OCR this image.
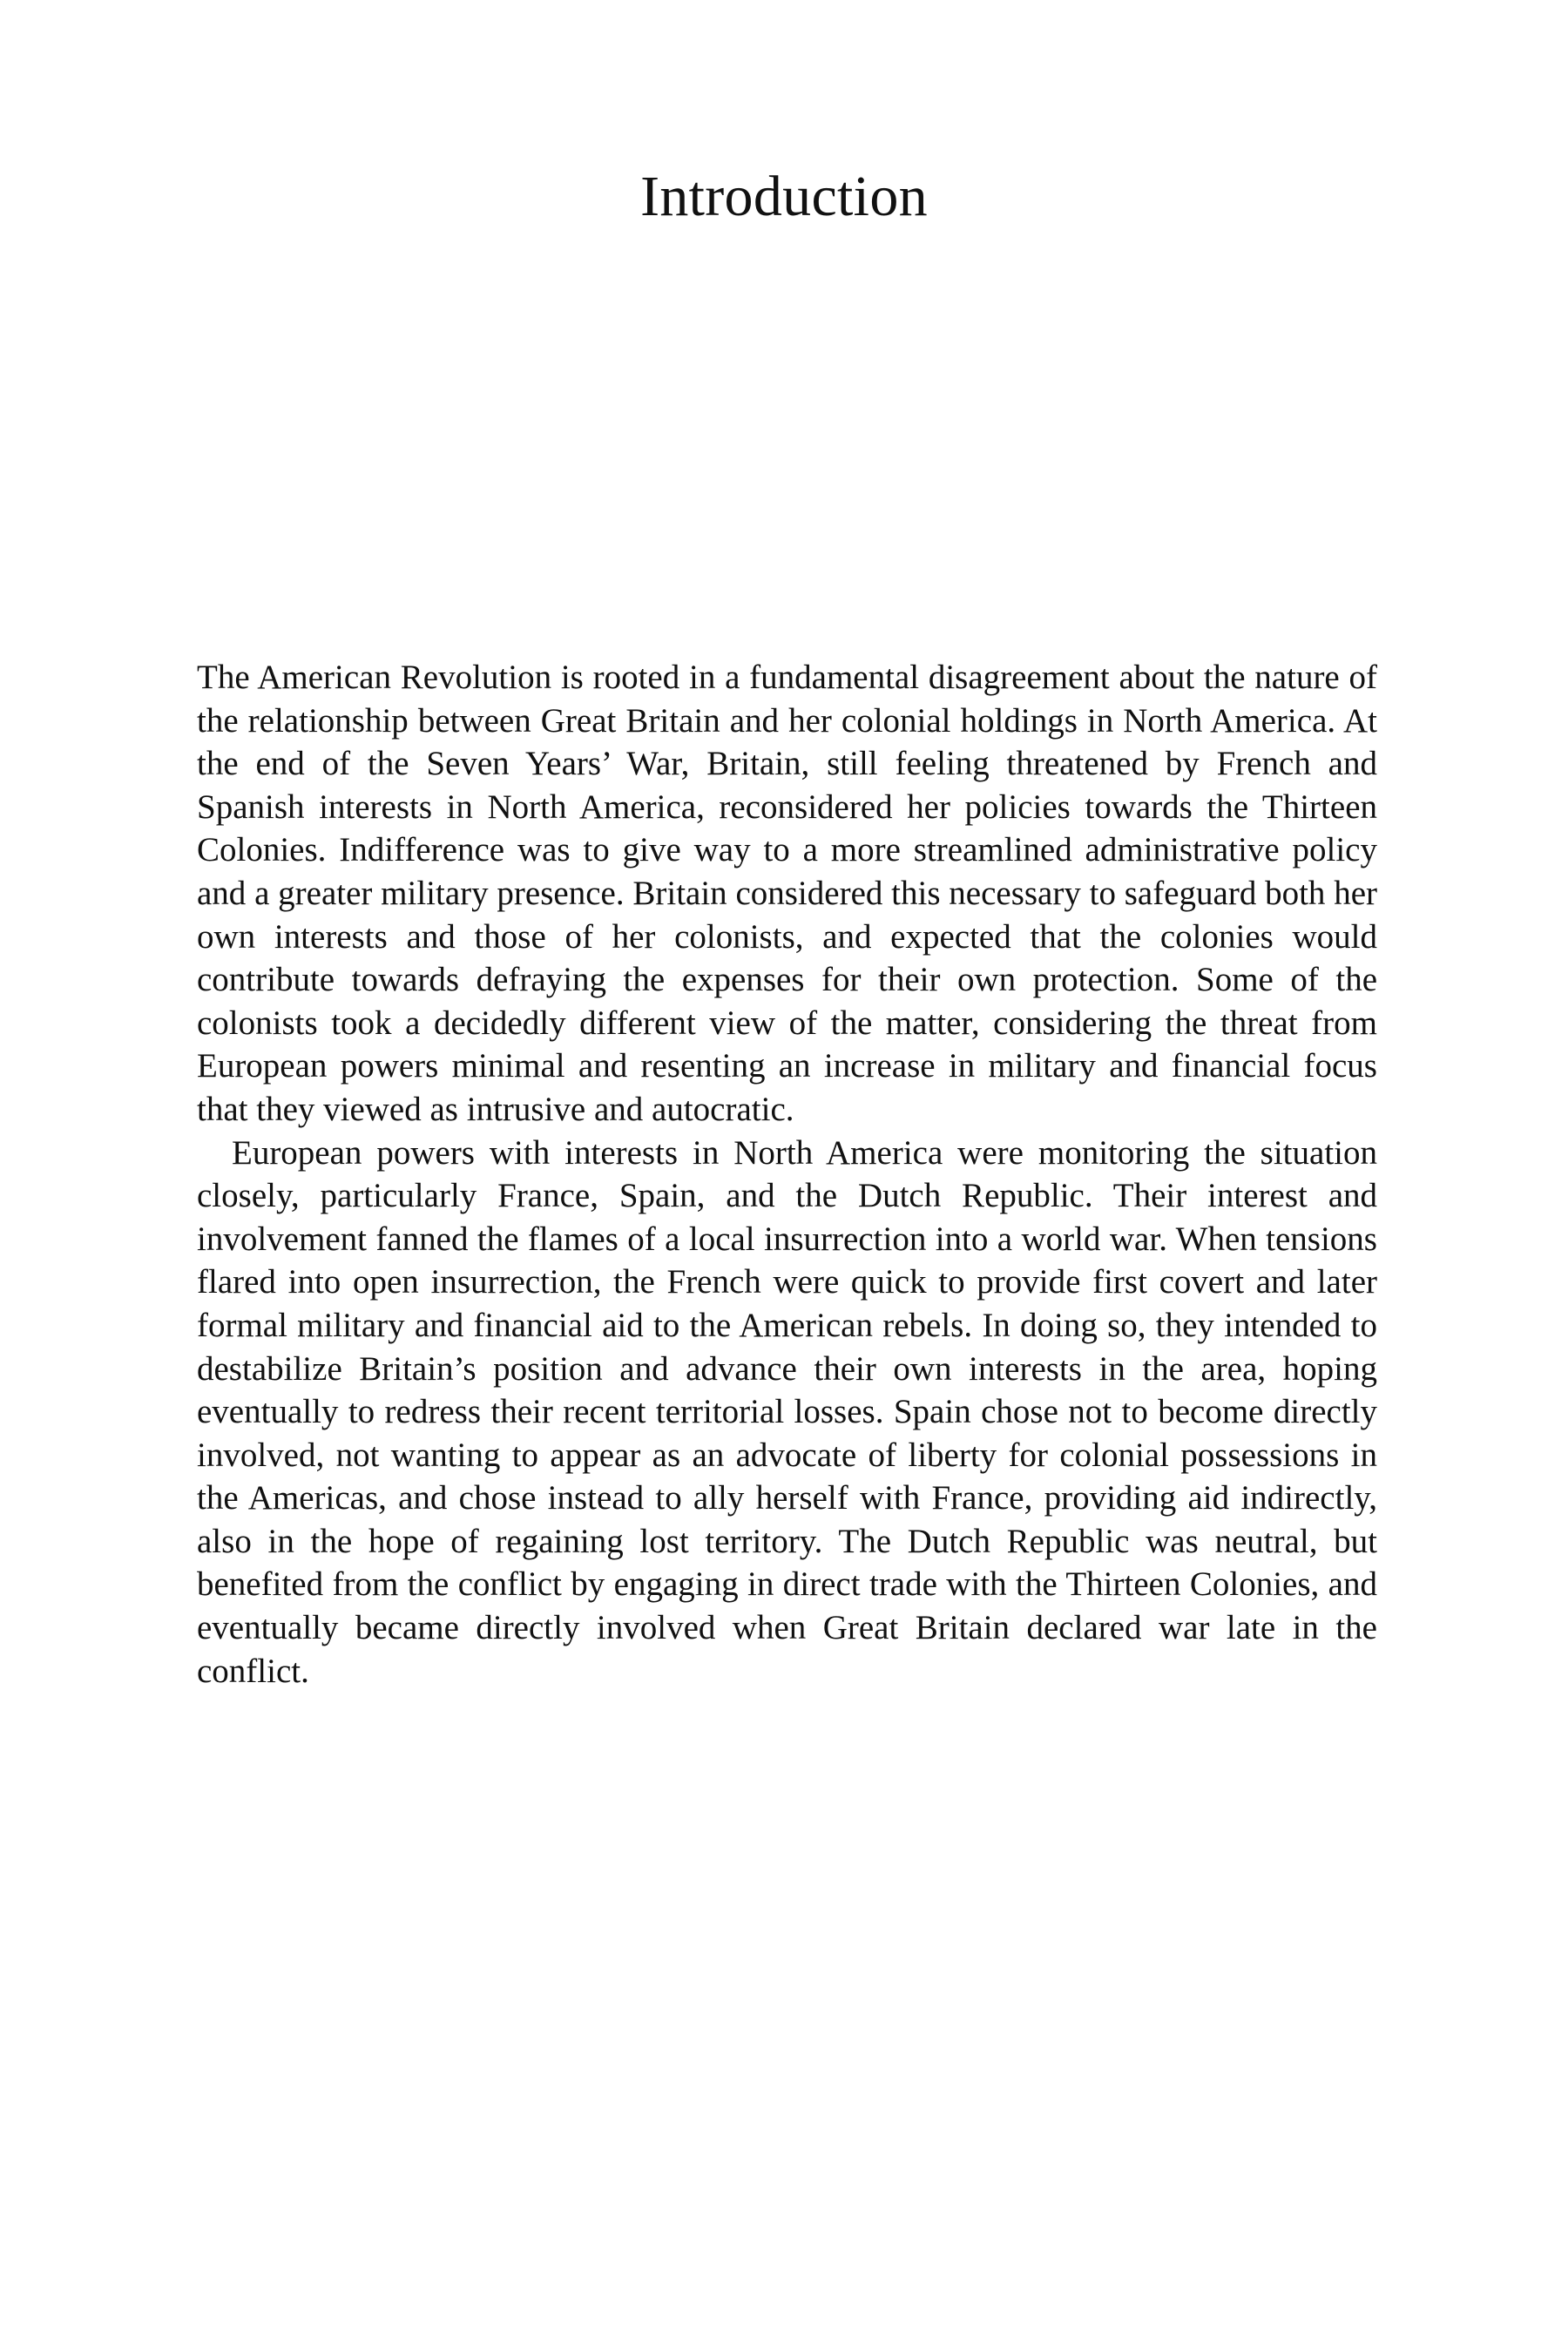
Introduction

The American Revolution is rooted in a fundamental disagreement about the nature of the relationship between Great Britain and her colonial holdings in North America. At the end of the Seven Years’ War, Britain, still feeling threatened by French and Spanish interests in North America, reconsidered her policies towards the Thirteen Colonies. Indifference was to give way to a more streamlined administrative policy and a greater military presence. Britain considered this necessary to safeguard both her own interests and those of her colonists, and expected that the colonies would contribute towards defraying the expenses for their own protection. Some of the colonists took a decidedly different view of the matter, considering the threat from European powers minimal and resenting an increase in military and financial focus that they viewed as intrusive and autocratic.

European powers with interests in North America were monitoring the situation closely, particularly France, Spain, and the Dutch Republic. Their interest and involvement fanned the flames of a local insurrection into a world war. When tensions flared into open insurrection, the French were quick to provide first covert and later formal military and financial aid to the American rebels. In doing so, they intended to destabilize Britain’s position and advance their own interests in the area, hoping eventually to redress their recent territorial losses. Spain chose not to become directly involved, not wanting to appear as an advocate of liberty for colonial possessions in the Americas, and chose instead to ally herself with France, providing aid indirectly, also in the hope of regaining lost territory. The Dutch Republic was neutral, but benefited from the conflict by engaging in direct trade with the Thirteen Colonies, and eventually became directly involved when Great Britain declared war late in the conflict.
